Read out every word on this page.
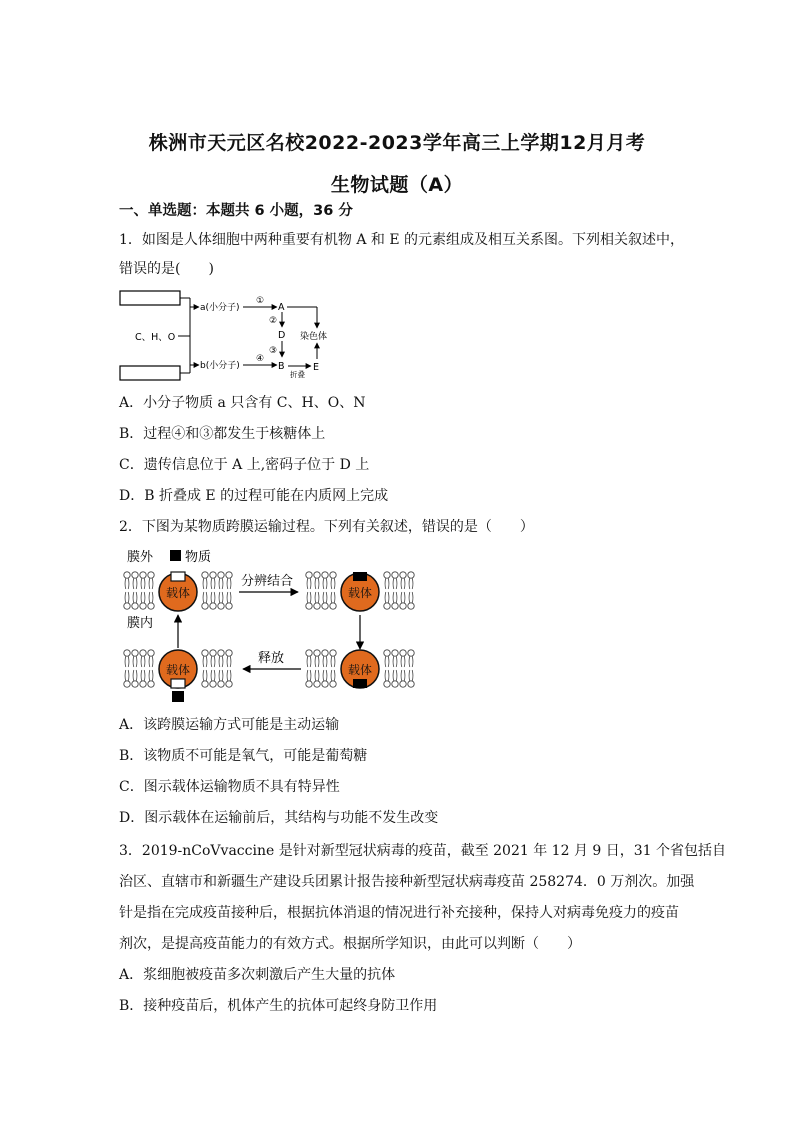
株洲市天元区名校2022-2023学年高三上学期12月月考
生物试题（A）
一、单选题：本题共 6 小题，36 分
1．如图是人体细胞中两种重要有机物 A 和 E 的元素组成及相互关系图。下列相关叙述中，
错误的是(　　)
C、H、O
a(小分子)
①
A
b(小分子)
④
B
②
D
③
折叠
E
染色体
A．小分子物质 a 只含有 C、H、O、N
B．过程④和③都发生于核糖体上
C．遗传信息位于 A 上,密码子位于 D 上
D．B 折叠成 E 的过程可能在内质网上完成
2．下图为某物质跨膜运输过程。下列有关叙述，错误的是（　　）
膜外 物质
膜内
载体
分辨结合
载体
载体
释放
载体
A．该跨膜运输方式可能是主动运输
B．该物质不可能是氧气，可能是葡萄糖
C．图示载体运输物质不具有特异性
D．图示载体在运输前后，其结构与功能不发生改变
3．2019-nCoVvaccine 是针对新型冠状病毒的疫苗，截至 2021 年 12 月 9 日，31 个省包括自
治区、直辖市和新疆生产建设兵团累计报告接种新型冠状病毒疫苗 258274．0 万剂次。加强
针是指在完成疫苗接种后，根据抗体消退的情况进行补充接种，保持人对病毒免疫力的疫苗
剂次，是提高疫苗能力的有效方式。根据所学知识，由此可以判断（　　）
A．浆细胞被疫苗多次刺激后产生大量的抗体
B．接种疫苗后，机体产生的抗体可起终身防卫作用
